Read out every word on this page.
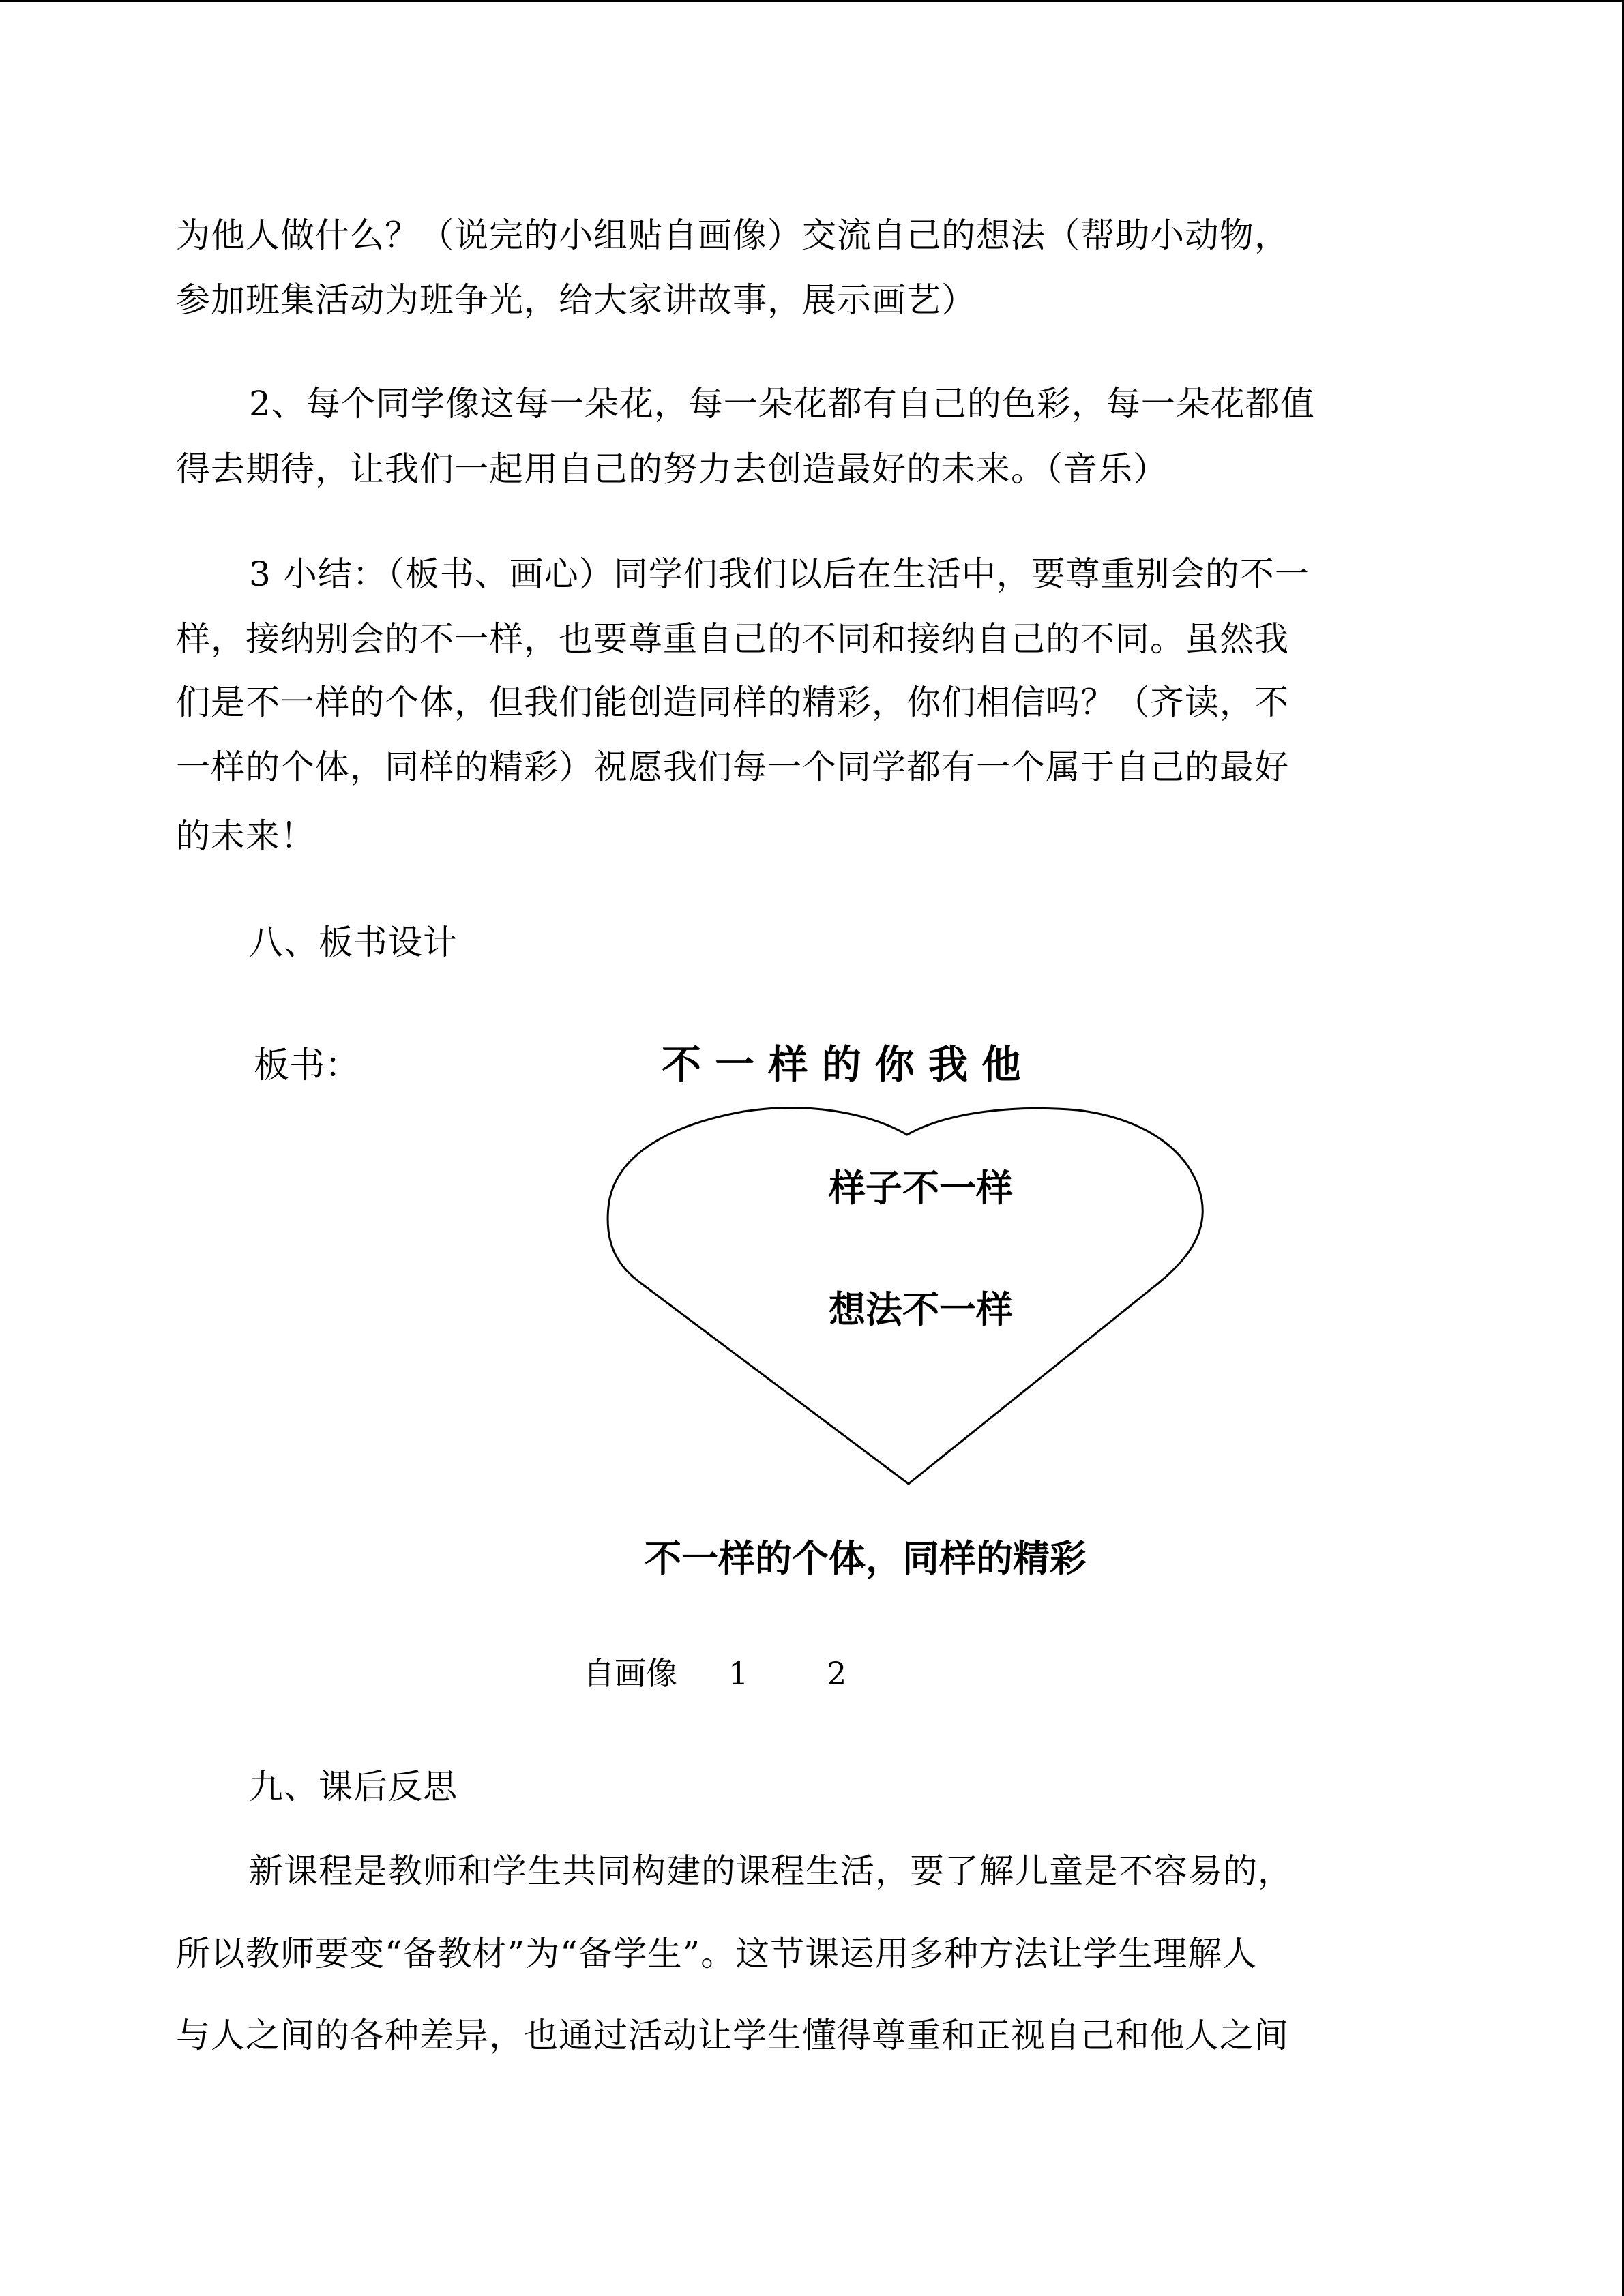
为他人做什么？（说完的小组贴自画像）交流自己的想法（帮助小动物，
参加班集活动为班争光，给大家讲故事，展示画艺）
2、每个同学像这每一朵花，每一朵花都有自己的色彩，每一朵花都值
得去期待，让我们一起用自己的努力去创造最好的未来。（音乐）
3 小结：（板书、画心）同学们我们以后在生活中，要尊重别会的不一
样，接纳别会的不一样，也要尊重自己的不同和接纳自己的不同。虽然我
们是不一样的个体，但我们能创造同样的精彩，你们相信吗？（齐读，不
一样的个体，同样的精彩）祝愿我们每一个同学都有一个属于自己的最好
的未来！
八、板书设计
板书：	不 一 样 的 你 我 他
样子不一样
想法不一样
不一样的个体，同样的精彩
自画像 1 2
九、课后反思
新课程是教师和学生共同构建的课程生活，要了解儿童是不容易的，
所以教师要变“备教材”为“备学生”。这节课运用多种方法让学生理解人
与人之间的各种差异，也通过活动让学生懂得尊重和正视自己和他人之间
